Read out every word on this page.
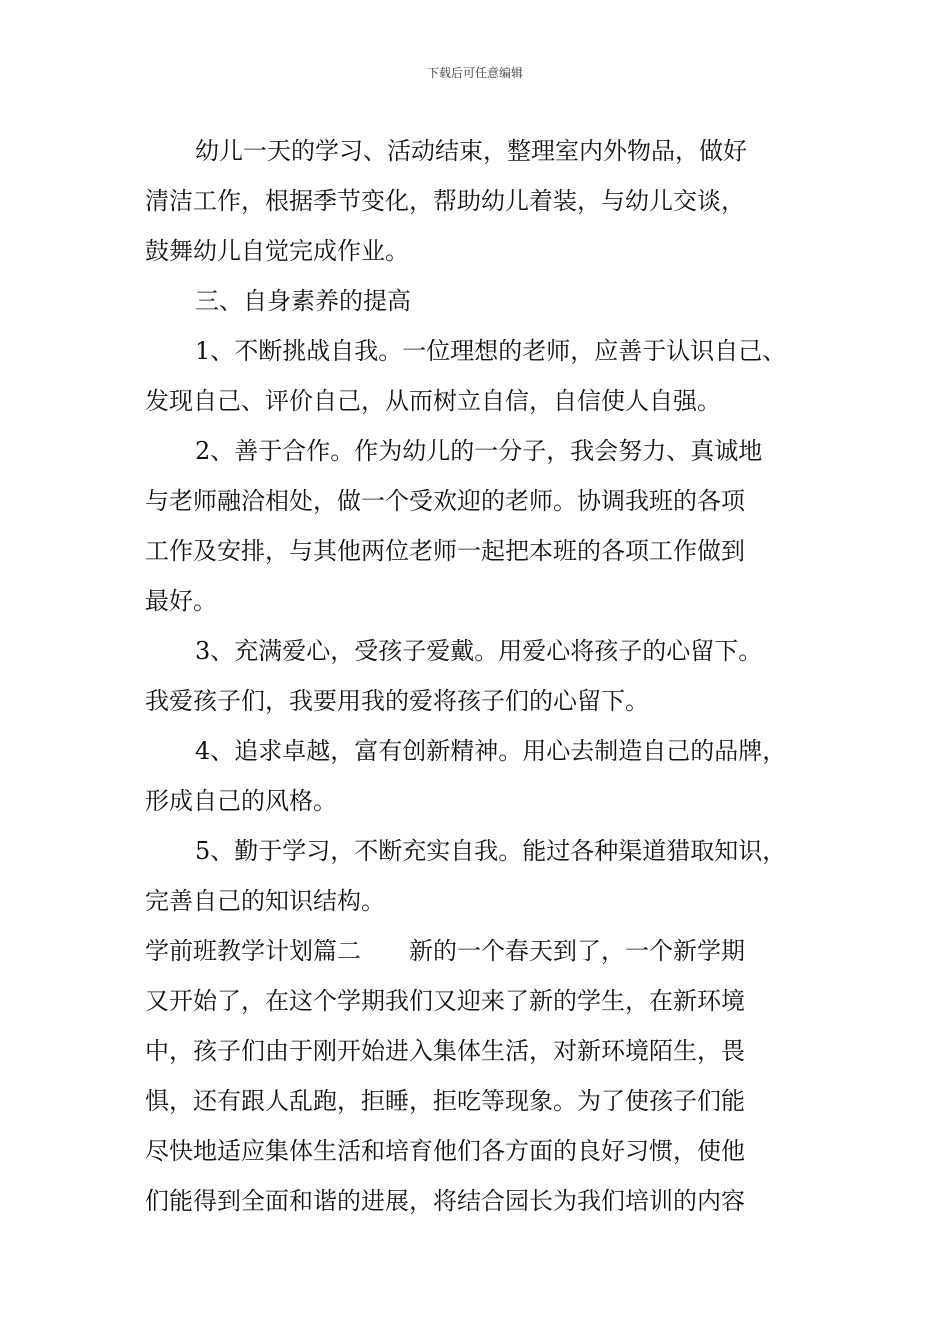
下载后可任意编辑
幼儿一天的学习、活动结束，整理室内外物品，做好
清洁工作，根据季节变化，帮助幼儿着装，与幼儿交谈，
鼓舞幼儿自觉完成作业。
三、自身素养的提高
1、不断挑战自我。一位理想的老师，应善于认识自己、
发现自己、评价自己，从而树立自信，自信使人自强。
2、善于合作。作为幼儿的一分子，我会努力、真诚地
与老师融洽相处，做一个受欢迎的老师。协调我班的各项
工作及安排，与其他两位老师一起把本班的各项工作做到
最好。
3、充满爱心，受孩子爱戴。用爱心将孩子的心留下。
我爱孩子们，我要用我的爱将孩子们的心留下。
4、追求卓越，富有创新精神。用心去制造自己的品牌，
形成自己的风格。
5、勤于学习，不断充实自我。能过各种渠道猎取知识，
完善自己的知识结构。
学前班教学计划篇二　　新的一个春天到了，一个新学期
又开始了，在这个学期我们又迎来了新的学生，在新环境
中，孩子们由于刚开始进入集体生活，对新环境陌生，畏
惧，还有跟人乱跑，拒睡，拒吃等现象。为了使孩子们能
尽快地适应集体生活和培育他们各方面的良好习惯，使他
们能得到全面和谐的进展，将结合园长为我们培训的内容
